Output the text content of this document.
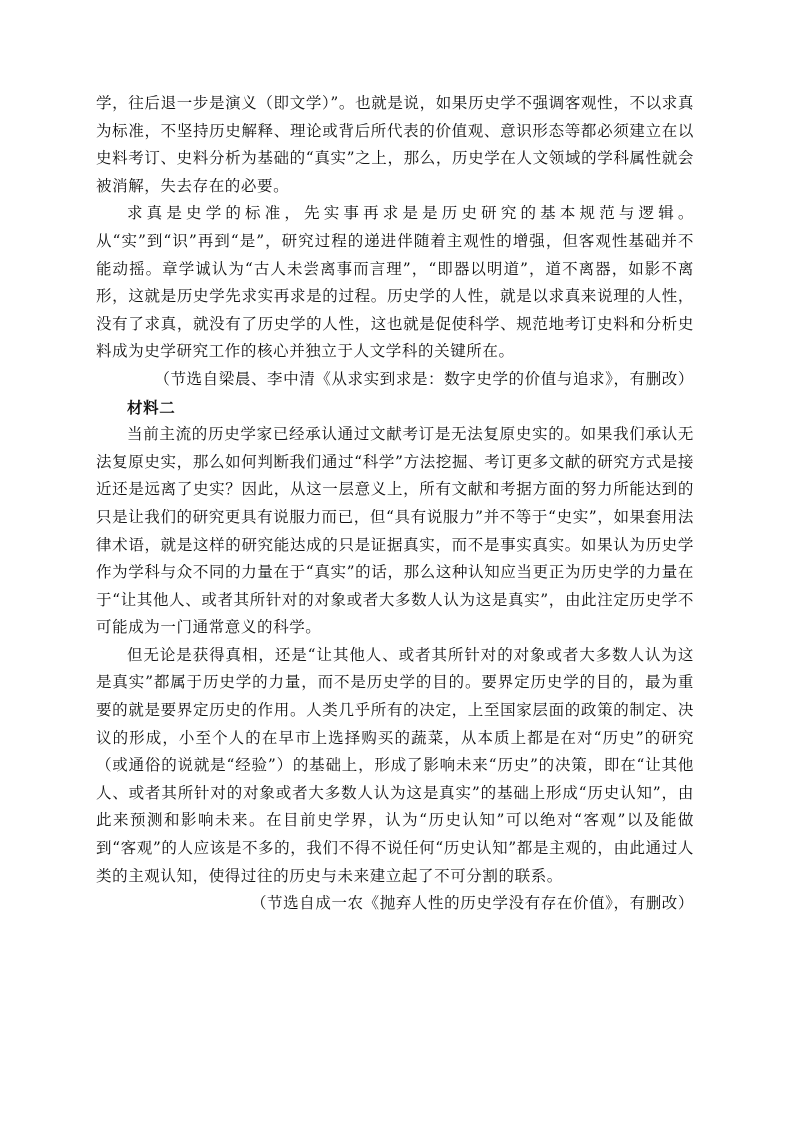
学，往后退一步是演义（即文学）”。也就是说，如果历史学不强调客观性，不以求真为标准，不坚持历史解释、理论或背后所代表的价值观、意识形态等都必须建立在以史料考订、史料分析为基础的“真实”之上，那么，历史学在人文领域的学科属性就会被消解，失去存在的必要。

求真是史学的标准，先实事再求是是历史研究的基本规范与逻辑。从“实”到“识”再到“是”，研究过程的递进伴随着主观性的增强，但客观性基础并不能动摇。章学诚认为“古人未尝离事而言理”，“即器以明道”，道不离器，如影不离形，这就是历史学先求实再求是的过程。历史学的人性，就是以求真来说理的人性，没有了求真，就没有了历史学的人性，这也就是促使科学、规范地考订史料和分析史料成为史学研究工作的核心并独立于人文学科的关键所在。

（节选自梁晨、李中清《从求实到求是：数字史学的价值与追求》，有删改）

材料二

当前主流的历史学家已经承认通过文献考订是无法复原史实的。如果我们承认无法复原史实，那么如何判断我们通过“科学”方法挖掘、考订更多文献的研究方式是接近还是远离了史实？因此，从这一层意义上，所有文献和考据方面的努力所能达到的只是让我们的研究更具有说服力而已，但“具有说服力”并不等于“史实”，如果套用法律术语，就是这样的研究能达成的只是证据真实，而不是事实真实。如果认为历史学作为学科与众不同的力量在于“真实”的话，那么这种认知应当更正为历史学的力量在于“让其他人、或者其所针对的对象或者大多数人认为这是真实”，由此注定历史学不可能成为一门通常意义的科学。

但无论是获得真相，还是“让其他人、或者其所针对的对象或者大多数人认为这是真实”都属于历史学的力量，而不是历史学的目的。要界定历史学的目的，最为重要的就是要界定历史的作用。人类几乎所有的决定，上至国家层面的政策的制定、决议的形成，小至个人的在早市上选择购买的蔬菜，从本质上都是在对“历史”的研究（或通俗的说就是“经验”）的基础上，形成了影响未来“历史”的决策，即在“让其他人、或者其所针对的对象或者大多数人认为这是真实”的基础上形成“历史认知”，由此来预测和影响未来。在目前史学界，认为“历史认知”可以绝对“客观”以及能做到“客观”的人应该是不多的，我们不得不说任何“历史认知”都是主观的，由此通过人类的主观认知，使得过往的历史与未来建立起了不可分割的联系。

（节选自成一农《抛弃人性的历史学没有存在价值》，有删改）
